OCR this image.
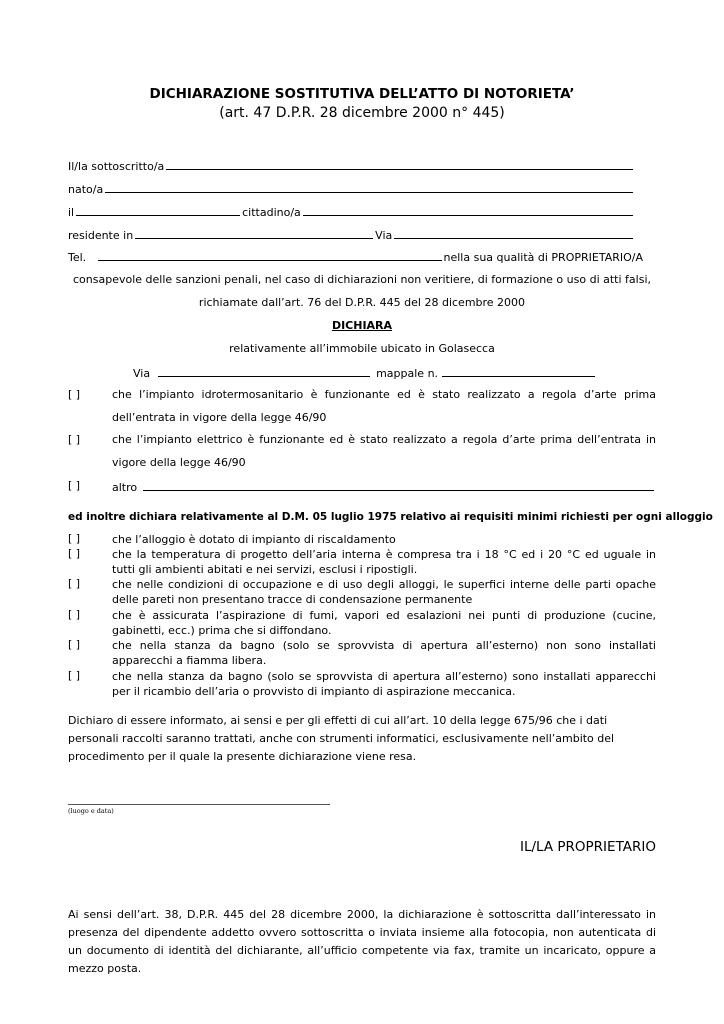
DICHIARAZIONE SOSTITUTIVA DELL’ATTO DI NOTORIETA’
(art. 47 D.P.R. 28 dicembre 2000 n° 445)
Il/la sottoscritto/a
nato/a
il	cittadino/a
residente in	Via
Tel.	nella sua qualità di PROPRIETARIO/A
consapevole delle sanzioni penali, nel caso di dichiarazioni non veritiere, di formazione o uso di atti falsi,
richiamate dall’art. 76 del D.P.R. 445 del 28 dicembre 2000
DICHIARA
relativamente all’immobile ubicato in Golasecca
Via	mappale n.
[ ]	che l’impianto idrotermosanitario è funzionante ed è stato realizzato a regola d’arte prima dell’entrata in vigore della legge 46/90
[ ]	che l’impianto elettrico è funzionante ed è stato realizzato a regola d’arte prima dell’entrata in vigore della legge 46/90
[ ]	altro
ed inoltre dichiara relativamente al D.M. 05 luglio 1975 relativo ai requisiti minimi richiesti per ogni alloggio
[ ]	che l’alloggio è dotato di impianto di riscaldamento
[ ]	che la temperatura di progetto dell’aria interna è compresa tra i 18 °C ed i 20 °C ed uguale in tutti gli ambienti abitati e nei servizi, esclusi i ripostigli.
[ ]	che nelle condizioni di occupazione e di uso degli alloggi, le superfici interne delle parti opache delle pareti non presentano tracce di condensazione permanente
[ ]	che è assicurata l’aspirazione di fumi, vapori ed esalazioni nei punti di produzione (cucine, gabinetti, ecc.) prima che si diffondano.
[ ]	che nella stanza da bagno (solo se sprovvista di apertura all’esterno) non sono installati apparecchi a fiamma libera.
[ ]	che nella stanza da bagno (solo se sprovvista di apertura all’esterno) sono installati apparecchi per il ricambio dell’aria o provvisto di impianto di aspirazione meccanica.
Dichiaro di essere informato, ai sensi e per gli effetti di cui all’art. 10 della legge 675/96 che i dati personali raccolti saranno trattati, anche con strumenti informatici, esclusivamente nell’ambito del procedimento per il quale la presente dichiarazione viene resa.
(luogo e data)
IL/LA PROPRIETARIO
Ai sensi dell’art. 38, D.P.R. 445 del 28 dicembre 2000, la dichiarazione è sottoscritta dall’interessato in presenza del dipendente addetto ovvero sottoscritta o inviata insieme alla fotocopia, non autenticata di un documento di identità del dichiarante, all’ufficio competente via fax, tramite un incaricato, oppure a mezzo posta.
